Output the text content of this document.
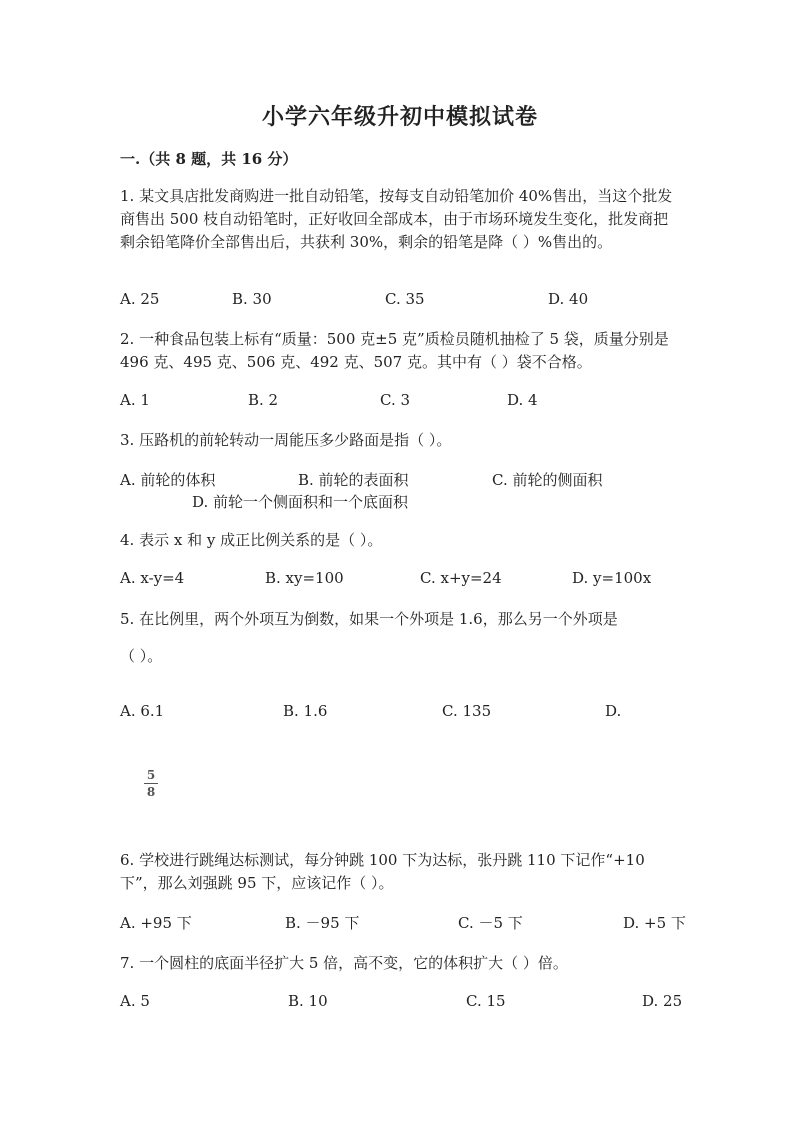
小学六年级升初中模拟试卷
一.（共 8 题，共 16 分）
1. 某文具店批发商购进一批自动铅笔，按每支自动铅笔加价 40%售出，当这个批发商售出 500 枝自动铅笔时，正好收回全部成本，由于市场环境发生变化，批发商把剩余铅笔降价全部售出后，共获利 30%，剩余的铅笔是降（ ）%售出的。
A. 25	B. 30	C. 35	D. 40
2. 一种食品包装上标有“质量：500 克±5 克”质检员随机抽检了 5 袋，质量分别是 496 克、495 克、506 克、492 克、507 克。其中有（ ）袋不合格。
A. 1	B. 2	C. 3	D. 4
3. 压路机的前轮转动一周能压多少路面是指（ ）。
A. 前轮的体积	B. 前轮的表面积	C. 前轮的侧面积
D. 前轮一个侧面积和一个底面积
4. 表示 x 和 y 成正比例关系的是（ ）。
A. x-y=4	B. xy=100	C. x+y=24	D. y=100x
5. 在比例里，两个外项互为倒数，如果一个外项是 1.6，那么另一个外项是
（ ）。
A. 6.1	B. 1.6	C. 135	D.
5
8
6. 学校进行跳绳达标测试，每分钟跳 100 下为达标，张丹跳 110 下记作“+10 下”，那么刘强跳 95 下，应该记作（ ）。
A. +95 下	B. －95 下	C. －5 下	D. +5 下
7. 一个圆柱的底面半径扩大 5 倍，高不变，它的体积扩大（ ）倍。
A. 5	B. 10	C. 15	D. 25
